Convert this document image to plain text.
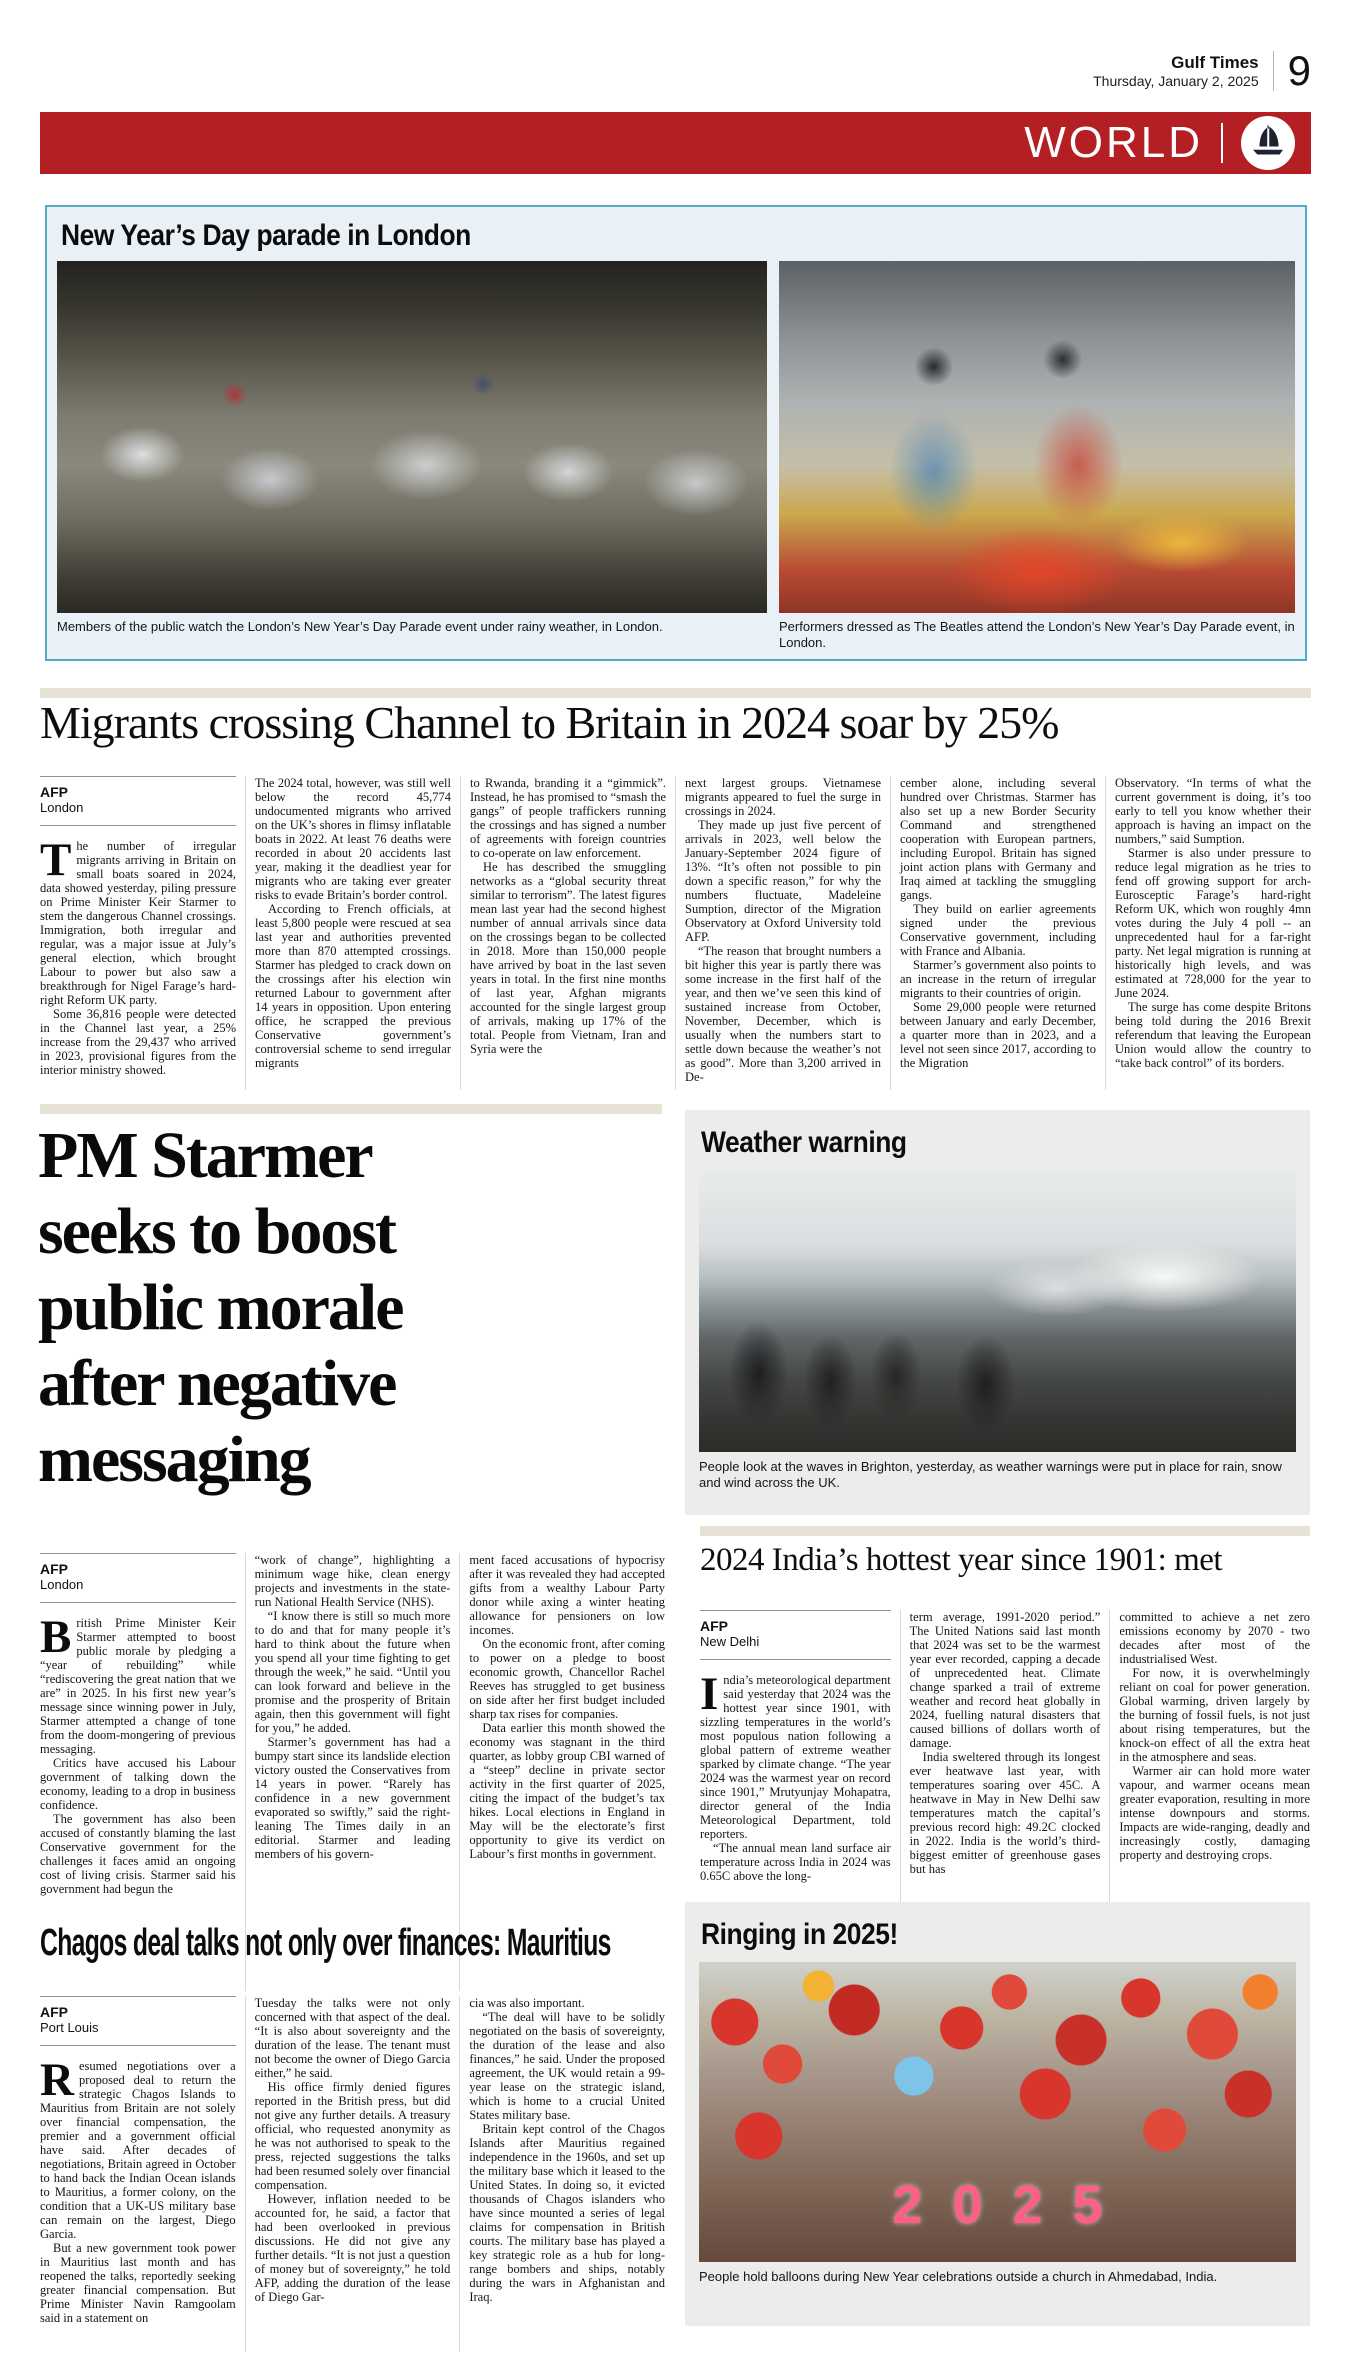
Gulf Times
Thursday, January 2, 2025 9
WORLD
New Year’s Day parade in London
Members of the public watch the London’s New Year’s Day Parade event under rainy weather, in London.	Performers dressed as The Beatles attend the London’s New Year’s Day Parade event, in London.
Migrants crossing Channel to Britain in 2024 soar by 25%
AFP
London

The number of irregular migrants arriving in Britain on small boats soared in 2024, data showed yesterday, piling pressure on Prime Minister Keir Starmer to stem the dangerous Channel crossings. Immigration, both irregular and regular, was a major issue at July’s general election, which brought Labour to power but also saw a breakthrough for Nigel Farage’s hard-right Reform UK party.

Some 36,816 people were detected in the Channel last year, a 25% increase from the 29,437 who arrived in 2023, provisional figures from the interior ministry showed.

The 2024 total, however, was still well below the record 45,774 undocumented migrants who arrived on the UK’s shores in flimsy inflatable boats in 2022. At least 76 deaths were recorded in about 20 accidents last year, making it the deadliest year for migrants who are taking ever greater risks to evade Britain’s border control.

According to French officials, at least 5,800 people were rescued at sea last year and authorities prevented more than 870 attempted crossings. Starmer has pledged to crack down on the crossings after his election win returned Labour to government after 14 years in opposition. Upon entering office, he scrapped the previous Conservative government’s controversial scheme to send irregular migrants

to Rwanda, branding it a “gimmick”. Instead, he has promised to “smash the gangs” of people traffickers running the crossings and has signed a number of agreements with foreign countries to co-operate on law enforcement.

He has described the smuggling networks as a “global security threat similar to terrorism”. The latest figures mean last year had the second highest number of annual arrivals since data on the crossings began to be collected in 2018. More than 150,000 people have arrived by boat in the last seven years in total. In the first nine months of last year, Afghan migrants accounted for the single largest group of arrivals, making up 17% of the total. People from Vietnam, Iran and Syria were the

next largest groups. Vietnamese migrants appeared to fuel the surge in crossings in 2024.

They made up just five percent of arrivals in 2023, well below the January-September 2024 figure of 13%. “It’s often not possible to pin down a specific reason,” for why the numbers fluctuate, Madeleine Sumption, director of the Migration Observatory at Oxford University told AFP.

“The reason that brought numbers a bit higher this year is partly there was some increase in the first half of the year, and then we’ve seen this kind of sustained increase from October, November, December, which is usually when the numbers start to settle down because the weather’s not as good”. More than 3,200 arrived in De-

cember alone, including several hundred over Christmas. Starmer has also set up a new Border Security Command and strengthened cooperation with European partners, including Europol. Britain has signed joint action plans with Germany and Iraq aimed at tackling the smuggling gangs.

They build on earlier agreements signed under the previous Conservative government, including with France and Albania.

Starmer’s government also points to an increase in the return of irregular migrants to their countries of origin.

Some 29,000 people were returned between January and early December, a quarter more than in 2023, and a level not seen since 2017, according to the Migration

Observatory. “In terms of what the current government is doing, it’s too early to tell you know whether their approach is having an impact on the numbers,” said Sumption.

Starmer is also under pressure to reduce legal migration as he tries to fend off growing support for arch-Eurosceptic Farage’s hard-right Reform UK, which won roughly 4mn votes during the July 4 poll -- an unprecedented haul for a far-right party. Net legal migration is running at historically high levels, and was estimated at 728,000 for the year to June 2024.

The surge has come despite Britons being told during the 2016 Brexit referendum that leaving the European Union would allow the country to “take back control” of its borders.

PM Starmer
seeks to boost
public morale
after negative
messaging
Weather warning
People look at the waves in Brighton, yesterday, as weather warnings were put in place for rain, snow and wind across the UK.
AFP
London

British Prime Minister Keir Starmer attempted to boost public morale by pledging a “year of rebuilding” while “rediscovering the great nation that we are” in 2025. In his first new year’s message since winning power in July, Starmer attempted a change of tone from the doom-mongering of previous messaging.

Critics have accused his Labour government of talking down the economy, leading to a drop in business confidence.

The government has also been accused of constantly blaming the last Conservative government for the challenges it faces amid an ongoing cost of living crisis. Starmer said his government had begun the

“work of change”, highlighting a minimum wage hike, clean energy projects and investments in the state-run National Health Service (NHS).

“I know there is still so much more to do and that for many people it’s hard to think about the future when you spend all your time fighting to get through the week,” he said. “Until you can look forward and believe in the promise and the prosperity of Britain again, then this government will fight for you,” he added.

Starmer’s government has had a bumpy start since its landslide election victory ousted the Conservatives from 14 years in power. “Rarely has confidence in a new government evaporated so swiftly,” said the right-leaning The Times daily in an editorial. Starmer and leading members of his govern-

ment faced accusations of hypocrisy after it was revealed they had accepted gifts from a wealthy Labour Party donor while axing a winter heating allowance for pensioners on low incomes.

On the economic front, after coming to power on a pledge to boost economic growth, Chancellor Rachel Reeves has struggled to get business on side after her first budget included sharp tax rises for companies.

Data earlier this month showed the economy was stagnant in the third quarter, as lobby group CBI warned of a “steep” decline in private sector activity in the first quarter of 2025, citing the impact of the budget’s tax hikes. Local elections in England in May will be the electorate’s first opportunity to give its verdict on Labour’s first months in government.

2024 India’s hottest year since 1901: met
AFP
New Delhi

India’s meteorological department said yesterday that 2024 was the hottest year since 1901, with sizzling temperatures in the world’s most populous nation following a global pattern of extreme weather sparked by climate change. “The year 2024 was the warmest year on record since 1901,” Mrutyunjay Mohapatra, director general of the India Meteorological Department, told reporters.

“The annual mean land surface air temperature across India in 2024 was 0.65C above the long-

term average, 1991-2020 period.” The United Nations said last month that 2024 was set to be the warmest year ever recorded, capping a decade of unprecedented heat. Climate change sparked a trail of extreme weather and record heat globally in 2024, fuelling natural disasters that caused billions of dollars worth of damage.

India sweltered through its longest ever heatwave last year, with temperatures soaring over 45C. A heatwave in May in New Delhi saw temperatures match the capital’s previous record high: 49.2C clocked in 2022. India is the world’s third-biggest emitter of greenhouse gases but has

committed to achieve a net zero emissions economy by 2070 - two decades after most of the industrialised West.

For now, it is overwhelmingly reliant on coal for power generation. Global warming, driven largely by the burning of fossil fuels, is not just about rising temperatures, but the knock-on effect of all the extra heat in the atmosphere and seas.

Warmer air can hold more water vapour, and warmer oceans mean greater evaporation, resulting in more intense downpours and storms. Impacts are wide-ranging, deadly and increasingly costly, damaging property and destroying crops.

Chagos deal talks not only over finances: Mauritius
AFP
Port Louis

Resumed negotiations over a proposed deal to return the strategic Chagos Islands to Mauritius from Britain are not solely over financial compensation, the premier and a government official have said. After decades of negotiations, Britain agreed in October to hand back the Indian Ocean islands to Mauritius, a former colony, on the condition that a UK-US military base can remain on the largest, Diego Garcia.

But a new government took power in Mauritius last month and has reopened the talks, reportedly seeking greater financial compensation. But Prime Minister Navin Ramgoolam said in a statement on

Tuesday the talks were not only concerned with that aspect of the deal. “It is also about sovereignty and the duration of the lease. The tenant must not become the owner of Diego Garcia either,” he said.

His office firmly denied figures reported in the British press, but did not give any further details. A treasury official, who requested anonymity as he was not authorised to speak to the press, rejected suggestions the talks had been resumed solely over financial compensation.

However, inflation needed to be accounted for, he said, a factor that had been overlooked in previous discussions. He did not give any further details. “It is not just a question of money but of sovereignty,” he told AFP, adding the duration of the lease of Diego Gar-

cia was also important.

“The deal will have to be solidly negotiated on the basis of sovereignty, the duration of the lease and also finances,” he said. Under the proposed agreement, the UK would retain a 99-year lease on the strategic island, which is home to a crucial United States military base.

Britain kept control of the Chagos Islands after Mauritius regained independence in the 1960s, and set up the military base which it leased to the United States. In doing so, it evicted thousands of Chagos islanders who have since mounted a series of legal claims for compensation in British courts. The military base has played a key strategic role as a hub for long-range bombers and ships, notably during the wars in Afghanistan and Iraq.

Ringing in 2025!
2025
People hold balloons during New Year celebrations outside a church in Ahmedabad, India.
